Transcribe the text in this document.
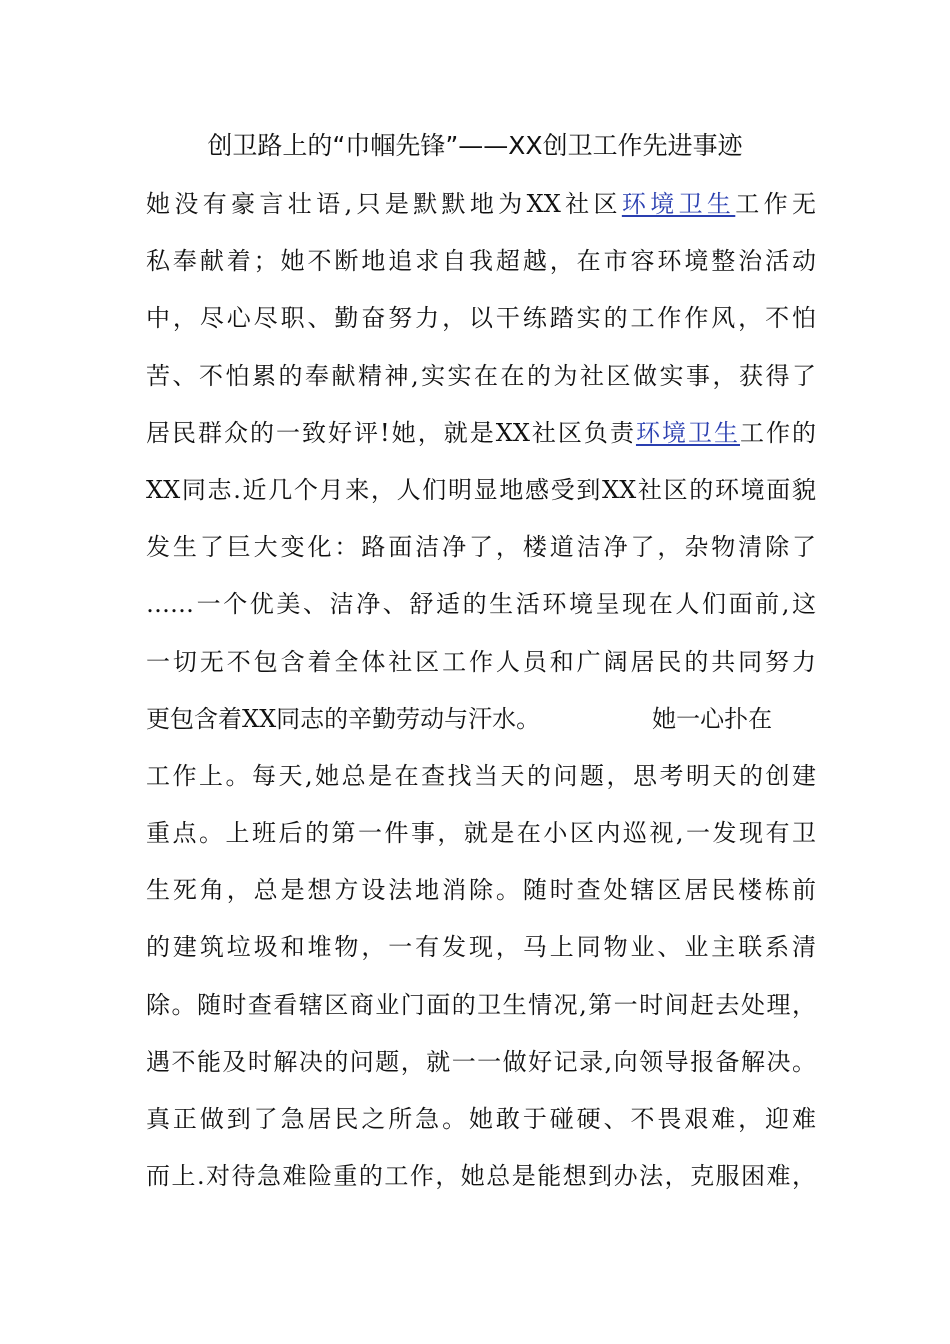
创卫路上的“巾帼先锋”——XX创卫工作先进事迹
她没有豪言壮语,只是默默地为XX社区环境卫生工作无
私奉献着；她不断地追求自我超越，在市容环境整治活动
中，尽心尽职、勤奋努力，以干练踏实的工作作风，不怕
苦、不怕累的奉献精神,实实在在的为社区做实事，获得了
居民群众的一致好评!她，就是XX社区负责环境卫生工作的
XX同志.近几个月来，人们明显地感受到XX社区的环境面貌
发生了巨大变化：路面洁净了，楼道洁净了，杂物清除了
……一个优美、洁净、舒适的生活环境呈现在人们面前,这
一切无不包含着全体社区工作人员和广阔居民的共同努力
更包含着XX同志的辛勤劳动与汗水。	她一心扑在
工作上。每天,她总是在查找当天的问题，思考明天的创建
重点。上班后的第一件事，就是在小区内巡视,一发现有卫
生死角，总是想方设法地消除。随时查处辖区居民楼栋前
的建筑垃圾和堆物，一有发现，马上同物业、业主联系清
除。随时查看辖区商业门面的卫生情况,第一时间赶去处理，
遇不能及时解决的问题，就一一做好记录,向领导报备解决。
真正做到了急居民之所急。她敢于碰硬、不畏艰难，迎难
而上.对待急难险重的工作，她总是能想到办法，克服困难，
